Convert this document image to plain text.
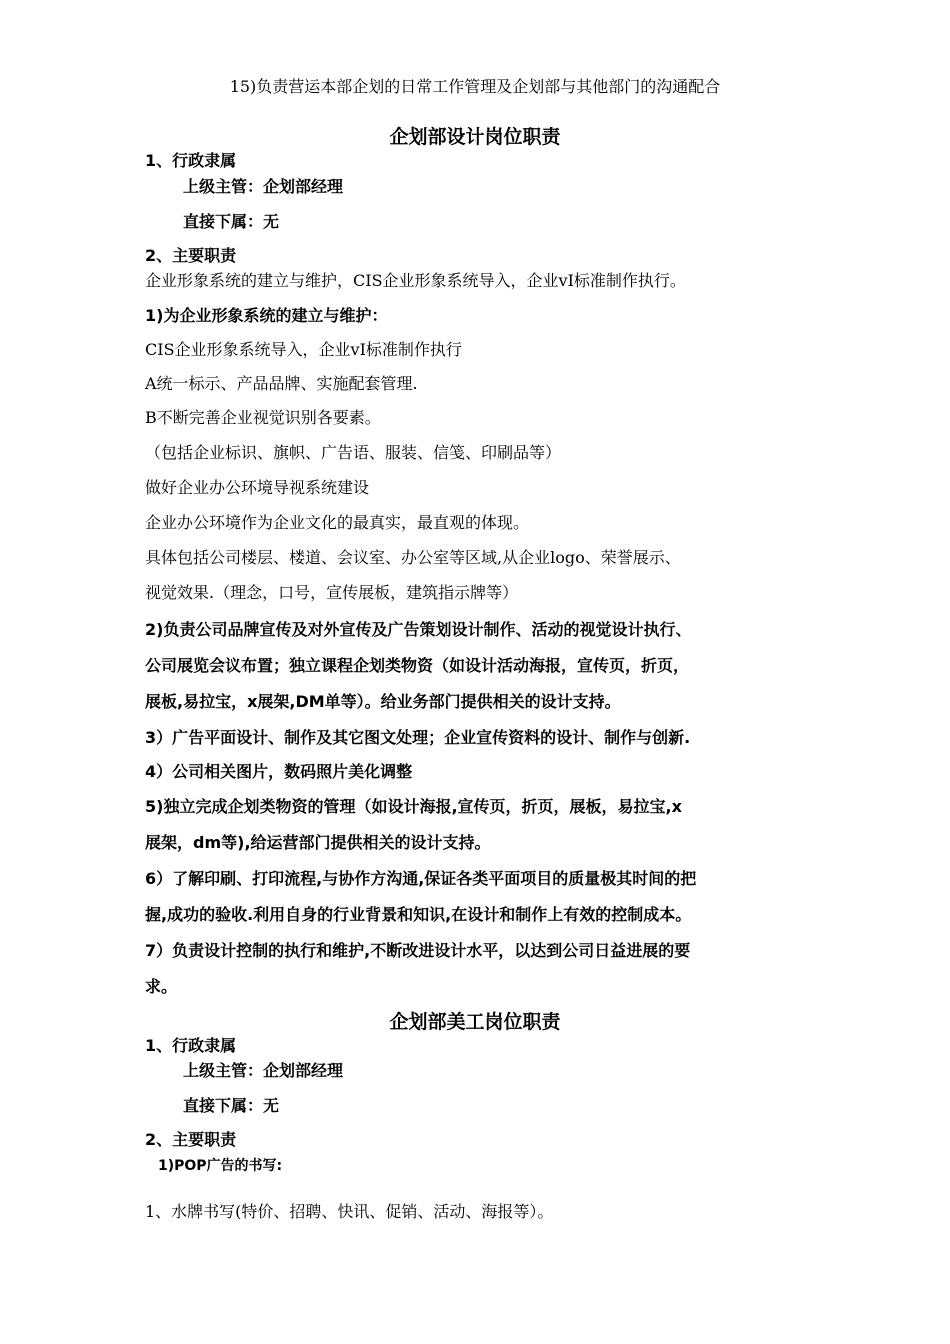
15)负责营运本部企划的日常工作管理及企划部与其他部门的沟通配合
企划部设计岗位职责
1、行政隶属
上级主管：企划部经理
直接下属：无
2、主要职责
企业形象系统的建立与维护，CIS企业形象系统导入，企业vI标准制作执行。
1)为企业形象系统的建立与维护：
CIS企业形象系统导入，企业vI标准制作执行
A统一标示、产品品牌、实施配套管理.
B不断完善企业视觉识别各要素。
（包括企业标识、旗帜、广告语、服装、信笺、印刷品等）
做好企业办公环境导视系统建设
企业办公环境作为企业文化的最真实，最直观的体现。
具体包括公司楼层、楼道、会议室、办公室等区域,从企业logo、荣誉展示、
视觉效果.（理念，口号，宣传展板，建筑指示牌等）
2)负责公司品牌宣传及对外宣传及广告策划设计制作、活动的视觉设计执行、
公司展览会议布置；独立课程企划类物资（如设计活动海报，宣传页，折页，
展板,易拉宝，x展架,DM单等）。给业务部门提供相关的设计支持。
3）广告平面设计、制作及其它图文处理；企业宣传资料的设计、制作与创新.
4）公司相关图片，数码照片美化调整
5)独立完成企划类物资的管理（如设计海报,宣传页，折页，展板，易拉宝,x
展架，dm等),给运营部门提供相关的设计支持。
6）了解印刷、打印流程,与协作方沟通,保证各类平面项目的质量极其时间的把
握,成功的验收.利用自身的行业背景和知识,在设计和制作上有效的控制成本。
7）负责设计控制的执行和维护,不断改进设计水平，以达到公司日益进展的要
求。
企划部美工岗位职责
1、行政隶属
上级主管：企划部经理
直接下属：无
2、主要职责
1)POP广告的书写:
1、水牌书写(特价、招聘、快讯、促销、活动、海报等）。
